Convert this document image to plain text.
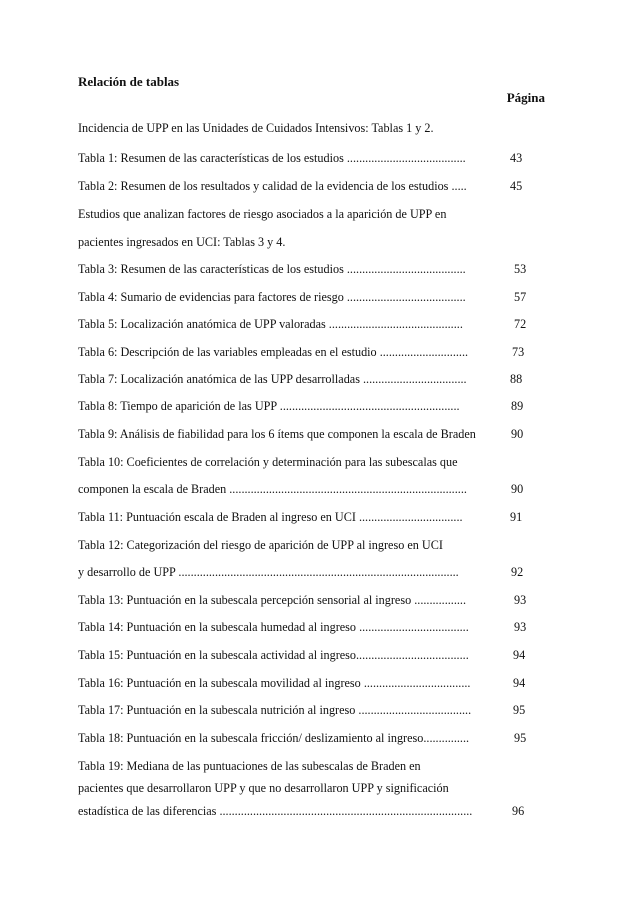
Relación de tablas
Página
Incidencia de UPP en las Unidades de Cuidados Intensivos: Tablas 1 y 2.
Tabla 1: Resumen de las características de los estudios .......................................
Tabla 2: Resumen de los resultados y calidad de la evidencia de los estudios .....
Estudios que analizan factores de riesgo asociados a la aparición de UPP en
pacientes ingresados en UCI: Tablas 3 y 4.
Tabla 3: Resumen de las características de los estudios .......................................
Tabla 4: Sumario de evidencias para factores de riesgo .......................................
Tabla 5: Localización anatómica de UPP valoradas ............................................
Tabla 6: Descripción de las variables empleadas en el estudio .............................
Tabla 7: Localización anatómica de las UPP desarrolladas ..................................
Tabla 8: Tiempo de aparición de las UPP ...........................................................
Tabla 9: Análisis de fiabilidad para los 6 ítems que componen la escala de Braden
Tabla 10: Coeficientes de correlación y determinación para las subescalas que
componen la escala de Braden ..............................................................................
Tabla 11: Puntuación escala de Braden al ingreso en UCI ..................................
Tabla 12: Categorización del riesgo de aparición de UPP al ingreso en UCI
y desarrollo de UPP ............................................................................................
Tabla 13: Puntuación en la subescala percepción sensorial al ingreso .................
Tabla 14: Puntuación en la subescala humedad al ingreso ....................................
Tabla 15: Puntuación en la subescala actividad al ingreso.....................................
Tabla 16: Puntuación en la subescala movilidad al ingreso ...................................
Tabla 17: Puntuación en la subescala nutrición al ingreso .....................................
Tabla 18: Puntuación en la subescala fricción/ deslizamiento al ingreso...............
Tabla 19: Mediana de las puntuaciones de las subescalas de Braden en
pacientes que desarrollaron UPP y que no desarrollaron UPP y significación
estadística de las diferencias ...................................................................................
43
45
53
57
72
73
88
89
90
90
91
92
93
93
94
94
95
95
96
